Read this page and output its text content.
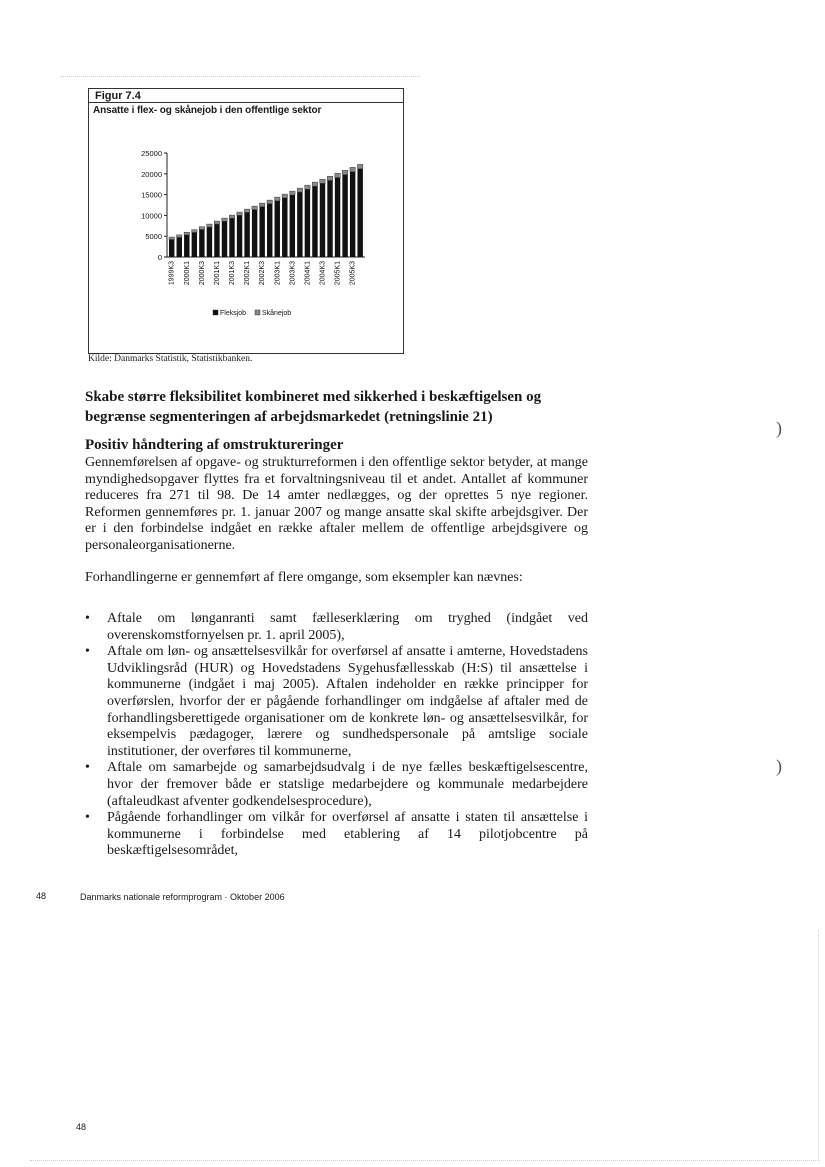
Figur 7.4
Ansatte i flex- og skånejob i den offentlige sektor
0
5000
10000
15000
20000
25000
1999K3 2000K1 2000K3 2001K1 2001K3 2002K1 2002K3 2003K1 2003K3 2004K1 2004K3 2005K1 2005K3
Fleksjob Skånejob
Kilde: Danmarks Statistik, Statistikbanken.
Skabe større fleksibilitet kombineret med sikkerhed i beskæftigelsen og begrænse segmenteringen af arbejdsmarkedet (retningslinie 21)
Positiv håndtering af omstruktureringer
Gennemførelsen af opgave- og strukturreformen i den offentlige sektor betyder, at mange myndighedsopgaver flyttes fra et forvaltningsniveau til et andet. Antallet af kommuner reduceres fra 271 til 98. De 14 amter nedlægges, og der oprettes 5 nye regioner. Reformen gennemføres pr. 1. januar 2007 og mange ansatte skal skifte arbejdsgiver. Der er i den forbindelse indgået en række aftaler mellem de offentlige arbejdsgivere og personaleorganisationerne.
Forhandlingerne er gennemført af flere omgange, som eksempler kan nævnes:
• Aftale om lønganranti samt fælleserklæring om tryghed (indgået ved overenskomstfornyelsen pr. 1. april 2005),
• Aftale om løn- og ansættelsesvilkår for overførsel af ansatte i amterne, Hovedstadens Udviklingsråd (HUR) og Hovedstadens Sygehusfællesskab (H:S) til ansættelse i kommunerne (indgået i maj 2005). Aftalen indeholder en række principper for overførslen, hvorfor der er pågående forhandlinger om indgåelse af aftaler med de forhandlingsberettigede organisationer om de konkrete løn- og ansættelsesvilkår, for eksempelvis pædagoger, lærere og sundhedspersonale på amtslige sociale institutioner, der overføres til kommunerne,
• Aftale om samarbejde og samarbejdsudvalg i de nye fælles beskæftigelsescentre, hvor der fremover både er statslige medarbejdere og kommunale medarbejdere (aftaleudkast afventer godkendelsesprocedure),
• Pågående forhandlinger om vilkår for overførsel af ansatte i staten til ansættelse i kommunerne i forbindelse med etablering af 14 pilotjobcentre på beskæftigelsesområdet,
48	Danmarks nationale reformprogram · Oktober 2006
48
)
)
